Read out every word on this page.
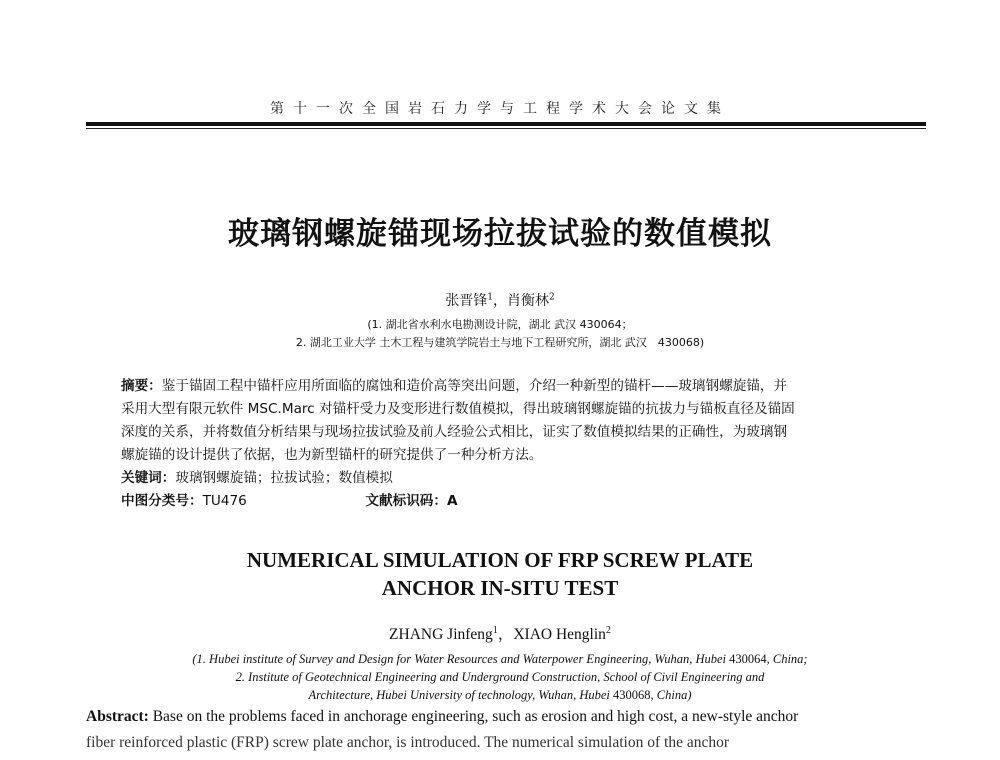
第十一次全国岩石力学与工程学术大会论文集
玻璃钢螺旋锚现场拉拔试验的数值模拟
张晋锋$^1$，肖衡林$^2$
(1. 湖北省水利水电勘测设计院，湖北 武汉 430064；
2. 湖北工业大学 土木工程与建筑学院岩土与地下工程研究所，湖北 武汉　430068)
摘要：鉴于锚固工程中锚杆应用所面临的腐蚀和造价高等突出问题，介绍一种新型的锚杆——玻璃钢螺旋锚，并
采用大型有限元软件 MSC.Marc 对锚杆受力及变形进行数值模拟，得出玻璃钢螺旋锚的抗拔力与锚板直径及锚固
深度的关系，并将数值分析结果与现场拉拔试验及前人经验公式相比，证实了数值模拟结果的正确性，为玻璃钢
螺旋锚的设计提供了依据，也为新型锚杆的研究提供了一种分析方法。
关键词：玻璃钢螺旋锚；拉拔试验；数值模拟
中图分类号：TU476	文献标识码：A
NUMERICAL SIMULATION OF FRP SCREW PLATE
ANCHOR IN-SITU TEST
ZHANG Jinfeng$^1$，XIAO Henglin$^2$
(1. Hubei institute of Survey and Design for Water Resources and Waterpower Engineering, Wuhan, Hubei 430064, China;
2. Institute of Geotechnical Engineering and Underground Construction, School of Civil Engineering and
Architecture, Hubei University of technology, Wuhan, Hubei 430068, China)
Abstract: Base on the problems faced in anchorage engineering, such as erosion and high cost, a new-style anchor
fiber reinforced plastic (FRP) screw plate anchor, is introduced. The numerical simulation of the anchor
